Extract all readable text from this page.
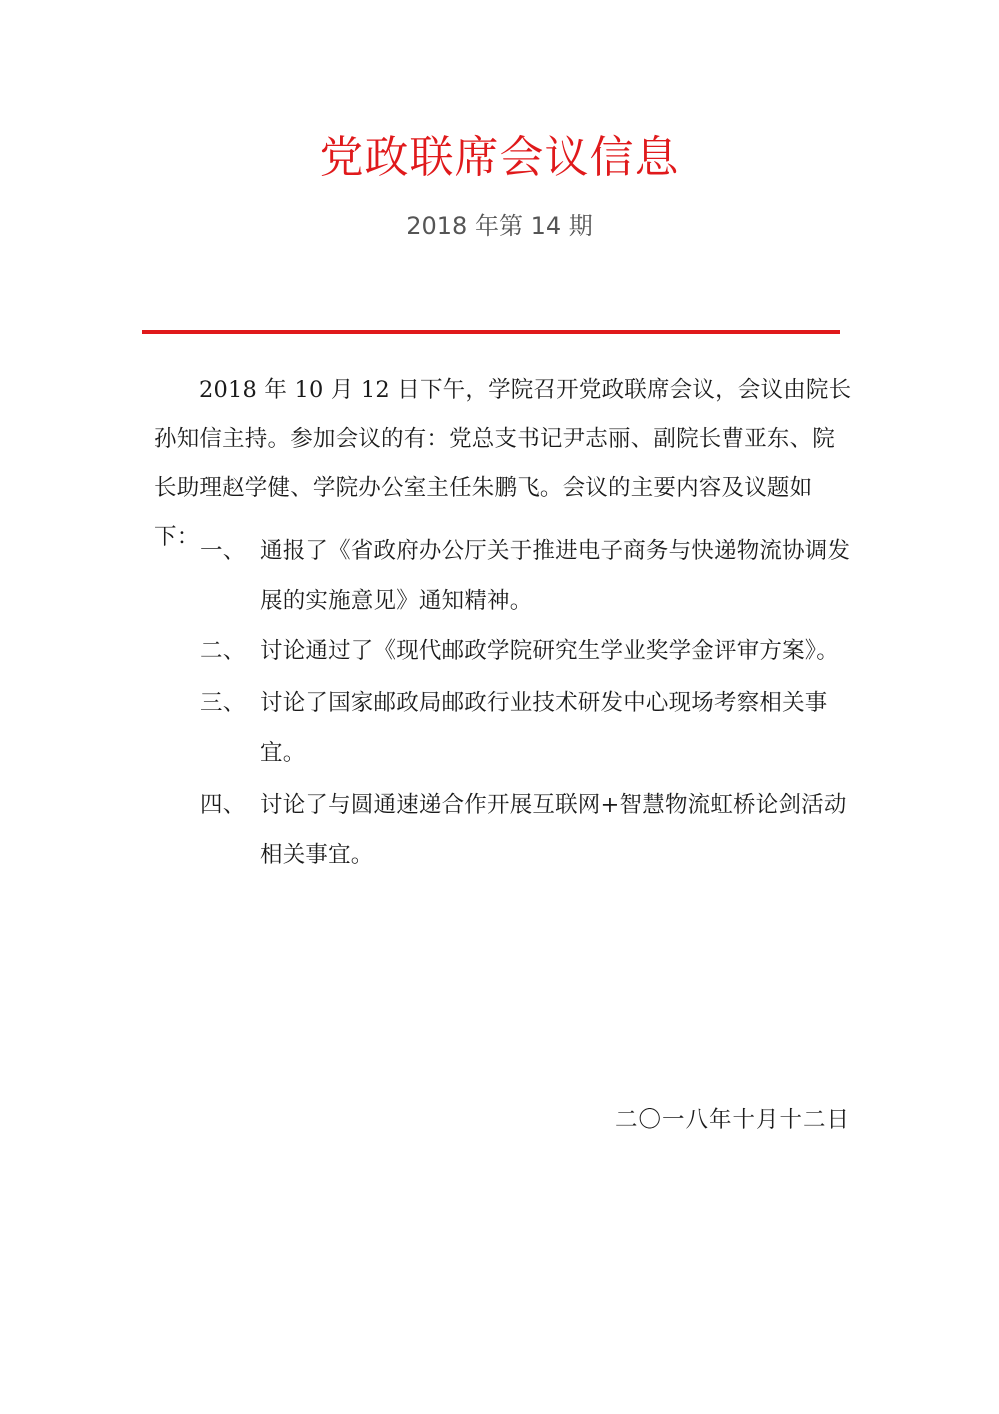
党政联席会议信息
2018 年第 14 期
2018 年 10 月 12 日下午，学院召开党政联席会议，会议由院长孙知信主持。参加会议的有：党总支书记尹志丽、副院长曹亚东、院长助理赵学健、学院办公室主任朱鹏飞。会议的主要内容及议题如下：
一、 通报了《省政府办公厅关于推进电子商务与快递物流协调发展的实施意见》通知精神。
二、 讨论通过了《现代邮政学院研究生学业奖学金评审方案》。
三、 讨论了国家邮政局邮政行业技术研发中心现场考察相关事宜。
四、 讨论了与圆通速递合作开展互联网+智慧物流虹桥论剑活动相关事宜。
二〇一八年十月十二日
